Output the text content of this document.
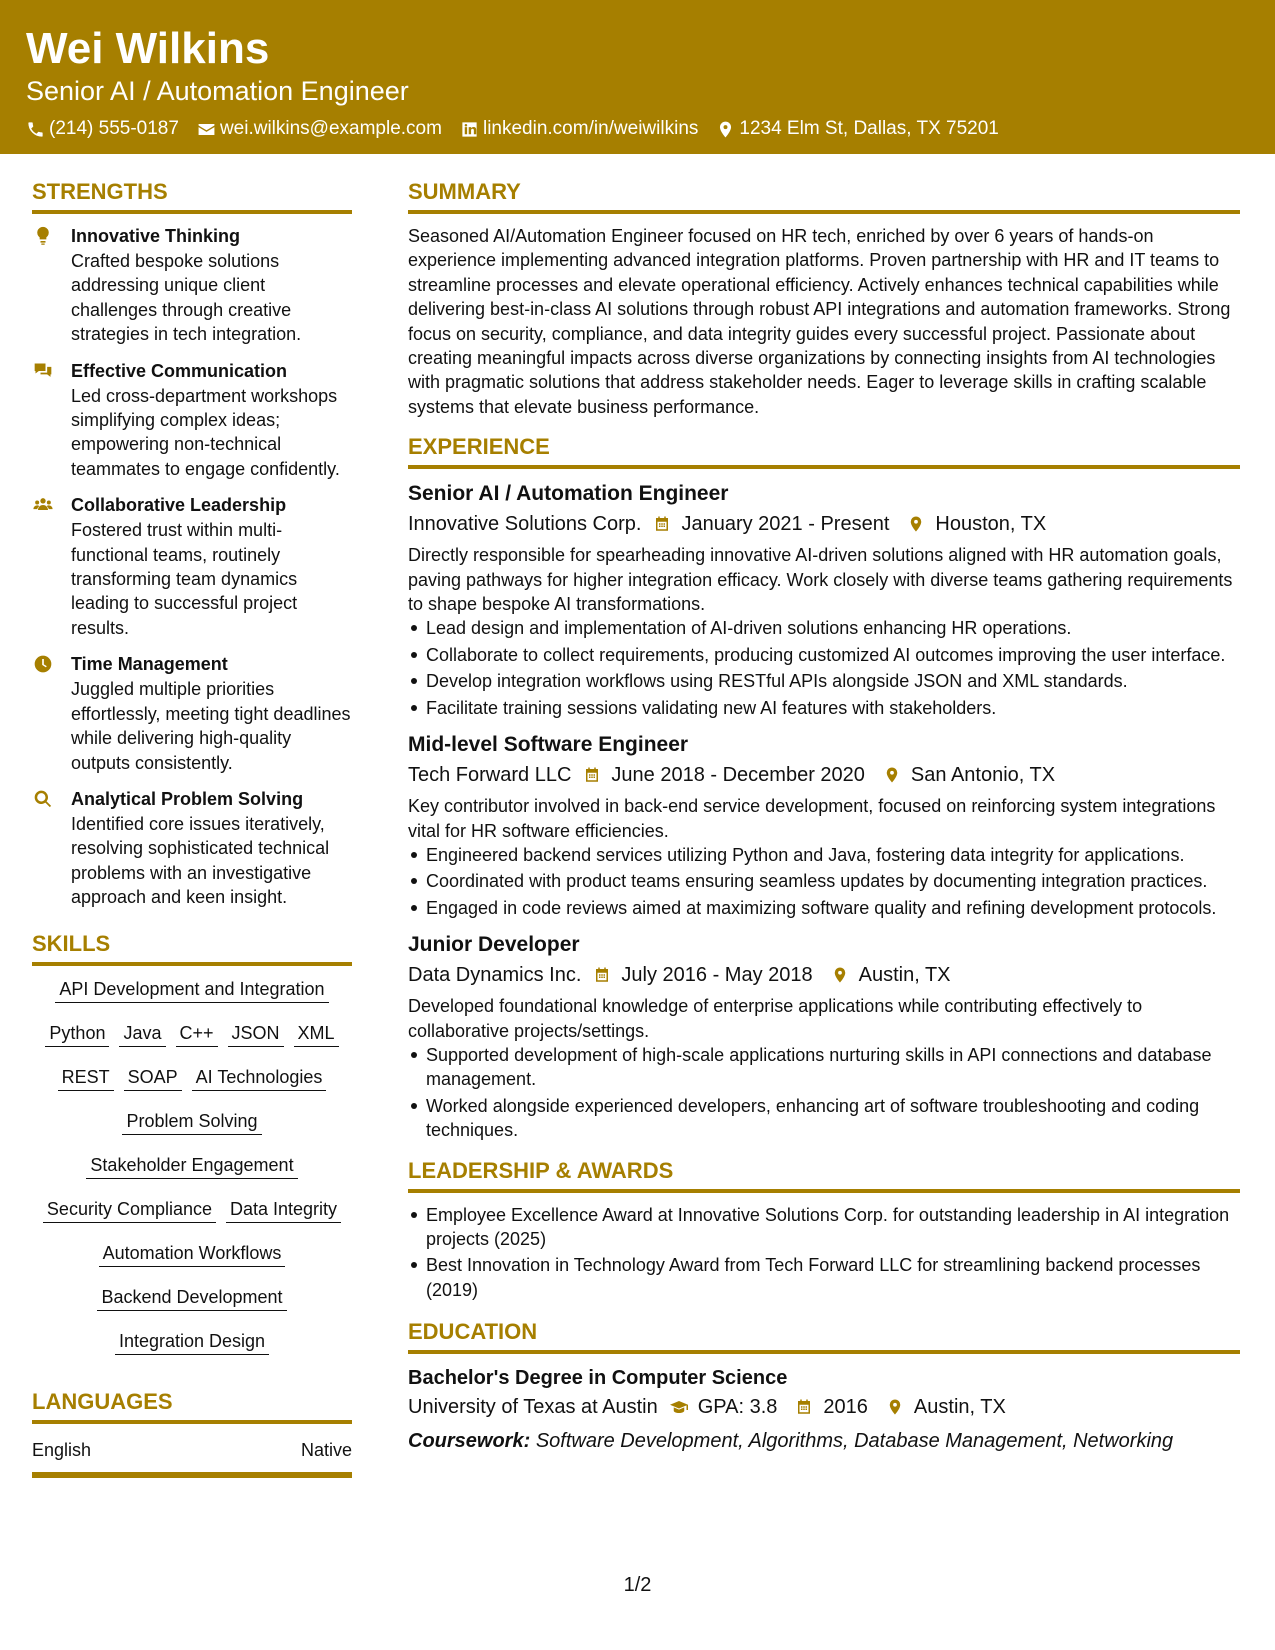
Wei Wilkins
Senior AI / Automation Engineer
(214) 555-0187 wei.wilkins@example.com linkedin.com/in/weiwilkins 1234 Elm St, Dallas, TX 75201
STRENGTHS
Innovative Thinking
Crafted bespoke solutions addressing unique client challenges through creative strategies in tech integration.
Effective Communication
Led cross-department workshops simplifying complex ideas; empowering non-technical teammates to engage confidently.
Collaborative Leadership
Fostered trust within multi-functional teams, routinely transforming team dynamics leading to successful project results.
Time Management
Juggled multiple priorities effortlessly, meeting tight deadlines while delivering high-quality outputs consistently.
Analytical Problem Solving
Identified core issues iteratively, resolving sophisticated technical problems with an investigative approach and keen insight.
SKILLS
API Development and Integration
Python Java C++ JSON XML
REST SOAP AI Technologies
Problem Solving
Stakeholder Engagement
Security Compliance Data Integrity
Automation Workflows
Backend Development
Integration Design
LANGUAGES
English	Native
SUMMARY
Seasoned AI/Automation Engineer focused on HR tech, enriched by over 6 years of hands-on experience implementing advanced integration platforms. Proven partnership with HR and IT teams to streamline processes and elevate operational efficiency. Actively enhances technical capabilities while delivering best-in-class AI solutions through robust API integrations and automation frameworks. Strong focus on security, compliance, and data integrity guides every successful project. Passionate about creating meaningful impacts across diverse organizations by connecting insights from AI technologies with pragmatic solutions that address stakeholder needs. Eager to leverage skills in crafting scalable systems that elevate business performance.
EXPERIENCE
Senior AI / Automation Engineer
Innovative Solutions Corp. January 2021 - Present Houston, TX
Directly responsible for spearheading innovative AI-driven solutions aligned with HR automation goals, paving pathways for higher integration efficacy. Work closely with diverse teams gathering requirements to shape bespoke AI transformations.
Lead design and implementation of AI-driven solutions enhancing HR operations.
Collaborate to collect requirements, producing customized AI outcomes improving the user interface.
Develop integration workflows using RESTful APIs alongside JSON and XML standards.
Facilitate training sessions validating new AI features with stakeholders.
Mid-level Software Engineer
Tech Forward LLC June 2018 - December 2020 San Antonio, TX
Key contributor involved in back-end service development, focused on reinforcing system integrations vital for HR software efficiencies.
Engineered backend services utilizing Python and Java, fostering data integrity for applications.
Coordinated with product teams ensuring seamless updates by documenting integration practices.
Engaged in code reviews aimed at maximizing software quality and refining development protocols.
Junior Developer
Data Dynamics Inc. July 2016 - May 2018 Austin, TX
Developed foundational knowledge of enterprise applications while contributing effectively to collaborative projects/settings.
Supported development of high-scale applications nurturing skills in API connections and database management.
Worked alongside experienced developers, enhancing art of software troubleshooting and coding techniques.
LEADERSHIP & AWARDS
Employee Excellence Award at Innovative Solutions Corp. for outstanding leadership in AI integration projects (2025)
Best Innovation in Technology Award from Tech Forward LLC for streamlining backend processes (2019)
EDUCATION
Bachelor's Degree in Computer Science
University of Texas at Austin GPA: 3.8 2016 Austin, TX
Coursework: Software Development, Algorithms, Database Management, Networking
1/2
